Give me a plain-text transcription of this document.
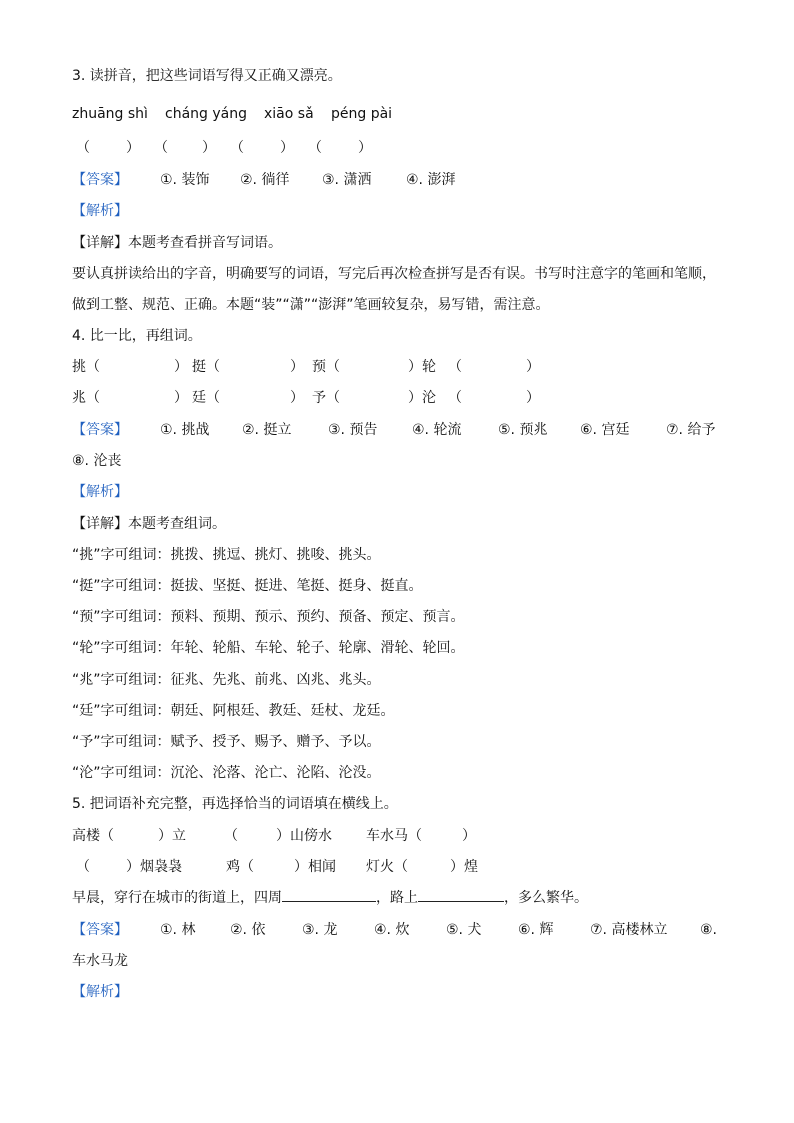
3. 读拼音，把这些词语写得又正确又漂亮。
zhuāng shì cháng yáng xiāo sǎ péng pài
（	） （ ） （	） （	）
【答案】 ①. 装饰 ②. 徜徉 ③. 潇洒 ④. 澎湃
【解析】
【详解】本题考查看拼音写词语。
要认真拼读给出的字音，明确要写的词语，写完后再次检查拼写是否有误。书写时注意字的笔画和笔顺，
做到工整、规范、正确。本题“装”“潇”“澎湃”笔画较复杂，易写错，需注意。
4. 比一比，再组词。
挑（	） 挺（	） 预（	）轮 （	）
兆（	） 廷（	） 予（	）沦 （	）
【答案】 ①. 挑战 ②. 挺立	③. 预告 ④. 轮流	⑤. 预兆 ⑥. 宫廷	⑦. 给予
⑧. 沦丧
【解析】
【详解】本题考查组词。
“挑”字可组词：挑拨、挑逗、挑灯、挑唆、挑头。
“挺”字可组词：挺拔、坚挺、挺进、笔挺、挺身、挺直。
“预”字可组词：预料、预期、预示、预约、预备、预定、预言。
“轮”字可组词：年轮、轮船、车轮、轮子、轮廓、滑轮、轮回。
“兆”字可组词：征兆、先兆、前兆、凶兆、兆头。
“廷”字可组词：朝廷、阿根廷、教廷、廷杖、龙廷。
“予”字可组词：赋予、授予、赐予、赠予、予以。
“沦”字可组词：沉沦、沦落、沦亡、沦陷、沦没。
5. 把词语补充完整，再选择恰当的词语填在横线上。
高楼（	）立	（	）山傍水 车水马（	）
（	）烟袅袅	鸡（	）相闻 灯火（	）煌
早晨，穿行在城市的街道上，四周	，路上	，多么繁华。
【答案】 ①. 林 ②. 依	③. 龙	④. 炊	⑤. 犬	⑥. 辉	⑦. 高楼林立 ⑧.
车水马龙
【解析】
